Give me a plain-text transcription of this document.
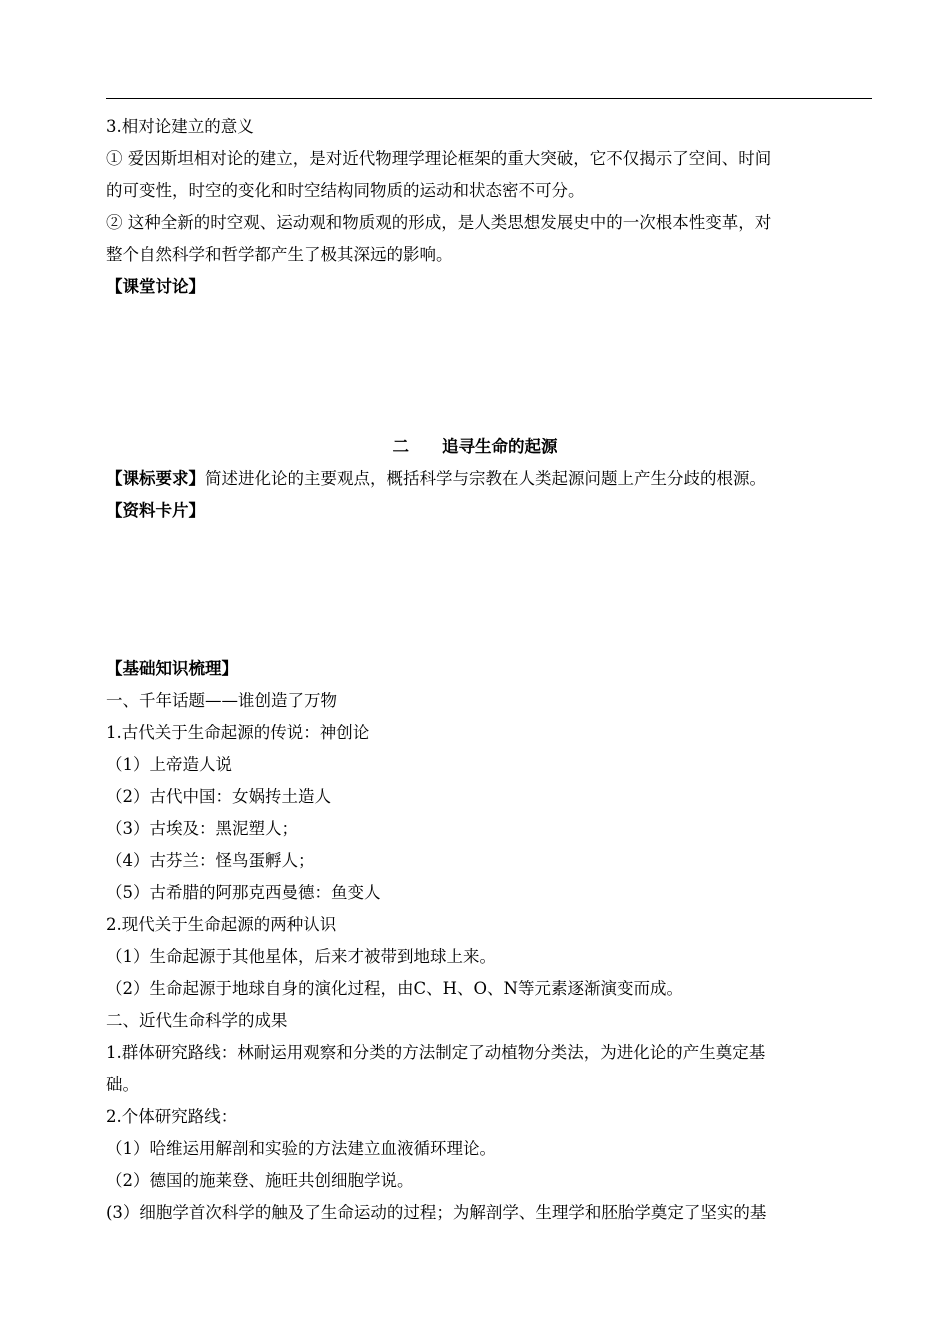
3.相对论建立的意义
① 爱因斯坦相对论的建立，是对近代物理学理论框架的重大突破，它不仅揭示了空间、时间
的可变性，时空的变化和时空结构同物质的运动和状态密不可分。
② 这种全新的时空观、运动观和物质观的形成，是人类思想发展史中的一次根本性变革，对
整个自然科学和哲学都产生了极其深远的影响。
【课堂讨论】
二　　追寻生命的起源
【课标要求】简述进化论的主要观点，概括科学与宗教在人类起源问题上产生分歧的根源。
【资料卡片】
【基础知识梳理】
一、千年话题——谁创造了万物
1.古代关于生命起源的传说：神创论
（1）上帝造人说
（2）古代中国：女娲抟土造人
（3）古埃及：黑泥塑人；
（4）古芬兰：怪鸟蛋孵人；
（5）古希腊的阿那克西曼德：鱼变人
2.现代关于生命起源的两种认识
（1）生命起源于其他星体，后来才被带到地球上来。
（2）生命起源于地球自身的演化过程，由C、H、O、N等元素逐渐演变而成。
二、近代生命科学的成果
1.群体研究路线：林耐运用观察和分类的方法制定了动植物分类法，为进化论的产生奠定基
础。
2.个体研究路线：
（1）哈维运用解剖和实验的方法建立血液循环理论。
（2）德国的施莱登、施旺共创细胞学说。
(3）细胞学首次科学的触及了生命运动的过程；为解剖学、生理学和胚胎学奠定了坚实的基
